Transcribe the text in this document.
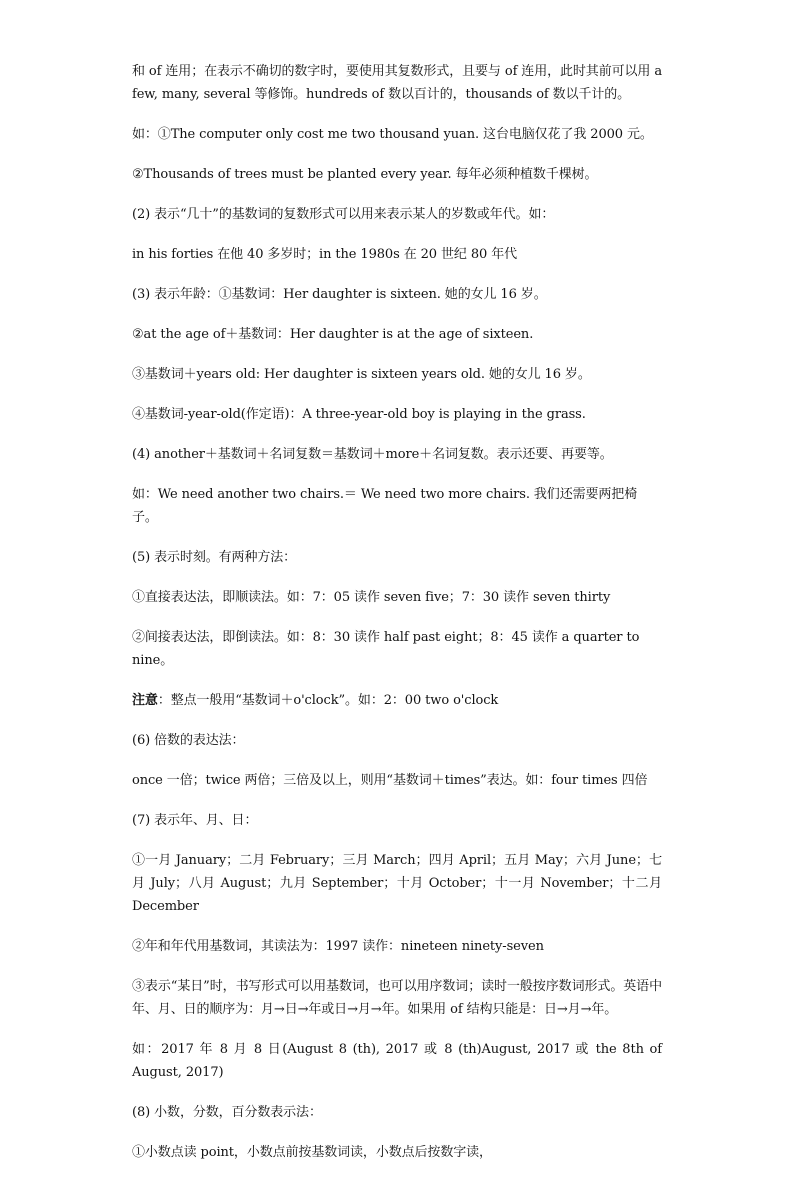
和 of 连用；在表示不确切的数字时，要使用其复数形式，且要与 of 连用，此时其前可以用 a few, many, several 等修饰。hundreds of 数以百计的，thousands of 数以千计的。

如：①The computer only cost me two thousand yuan. 这台电脑仅花了我 2000 元。

②Thousands of trees must be planted every year. 每年必须种植数千棵树。

(2) 表示“几十”的基数词的复数形式可以用来表示某人的岁数或年代。如：

in his forties 在他 40 多岁时；in the 1980s 在 20 世纪 80 年代

(3) 表示年龄：①基数词：Her daughter is sixteen. 她的女儿 16 岁。

②at the age of＋基数词：Her daughter is at the age of sixteen.

③基数词＋years old: Her daughter is sixteen years old. 她的女儿 16 岁。

④基数词-year-old(作定语)：A three-year-old boy is playing in the grass.

(4) another＋基数词＋名词复数＝基数词＋more＋名词复数。表示还要、再要等。

如：We need another two chairs.＝ We need two more chairs. 我们还需要两把椅子。

(5) 表示时刻。有两种方法：

①直接表达法，即顺读法。如：7：05 读作 seven five；7：30 读作 seven thirty

②间接表达法，即倒读法。如：8：30 读作 half past eight；8：45 读作 a quarter to nine。

注意：整点一般用“基数词＋o'clock”。如：2：00 two o'clock

(6) 倍数的表达法：

once 一倍；twice 两倍；三倍及以上，则用“基数词＋times”表达。如：four times 四倍

(7) 表示年、月、日：

①一月 January；二月 February；三月 March；四月 April；五月 May；六月 June；七月 July；八月 August；九月 September；十月 October；十一月 November；十二月 December

②年和年代用基数词，其读法为：1997 读作：nineteen ninety-seven

③表示“某日”时，书写形式可以用基数词，也可以用序数词；读时一般按序数词形式。英语中年、月、日的顺序为：月→日→年或日→月→年。如果用 of 结构只能是：日→月→年。

如：2017 年 8 月 8 日(August 8 (th), 2017 或 8 (th)August, 2017 或 the 8th of August, 2017)

(8) 小数，分数，百分数表示法：

①小数点读 point，小数点前按基数词读，小数点后按数字读，
